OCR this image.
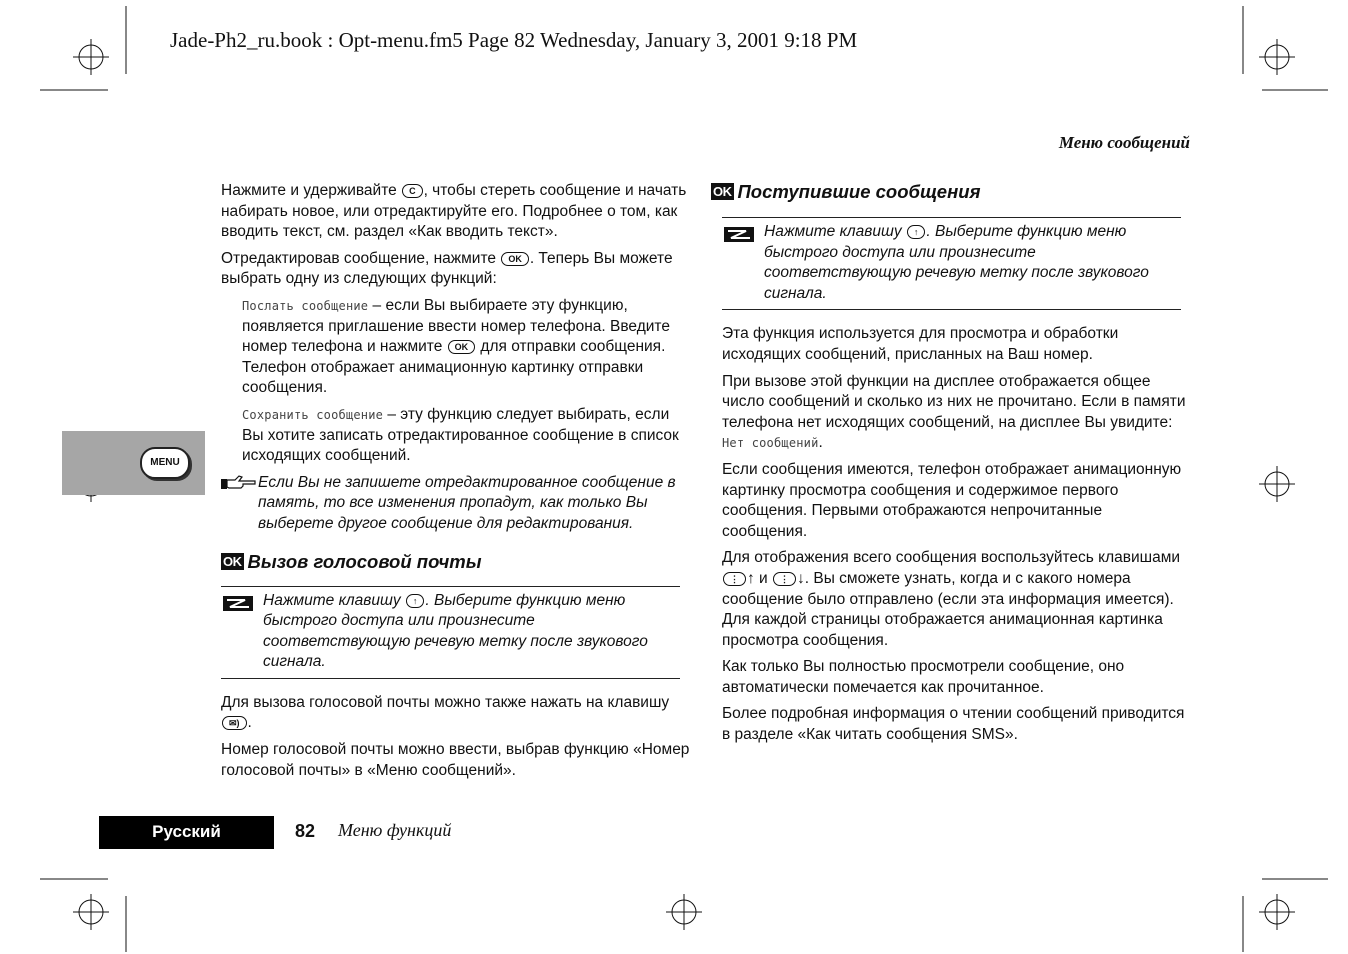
Jade-Ph2_ru.book : Opt-menu.fm5 Page 82 Wednesday, January 3, 2001 9:18 PM
Меню сообщений
MENU

Нажмите и удерживайте C , чтобы стереть сообщение и начать набирать новое, или отредактируйте его. Подробнее о том, как вводить текст, см. раздел «Как вводить текст».

Отредактировав сообщение, нажмите OK . Теперь Вы можете выбрать одну из следующих функций:

Послать сообщение – если Вы выбираете эту функцию, появляется приглашение ввести номер телефона. Введите номер телефона и нажмите OK для отправки сообщения. Телефон отображает анимационную картинку отправки сообщения.

Сохранить сообщение – эту функцию следует выбирать, если Вы хотите записать отредактированное сообщение в список исходящих сообщений.

Если Вы не запишете отредактированное сообщение в память, то все изменения пропадут, как только Вы выберете другое сообщение для редактирования.
OK Вызов голосовой почты

Нажмите клавишу ↑ . Выберите функцию меню быстрого доступа или произнесите соответствующую речевую метку после звукового сигнала.

Для вызова голосовой почты можно также нажать на клавишу ✉) .

Номер голосовой почты можно ввести, выбрав функцию «Номер голосовой почты» в «Меню сообщений».

OK Поступившие сообщения

Нажмите клавишу ↑ . Выберите функцию меню быстрого доступа или произнесите соответствующую речевую метку после звукового сигнала.

Эта функция используется для просмотра и обработки исходящих сообщений, присланных на Ваш номер.

При вызове этой функции на дисплее отображается общее число сообщений и сколько из них не прочитано. Если в памяти телефона нет исходящих сообщений, на дисплее Вы увидите: Нет сообщений.

Если сообщения имеются, телефон отображает анимационную картинку просмотра сообщения и содержимое первого сообщения. Первыми отображаются непрочитанные сообщения.

Для отображения всего сообщения воспользуйтесь клавишами ⋮ ↑ и ⋮ ↓. Вы сможете узнать, когда и с какого номера сообщение было отправлено (если эта информация имеется). Для каждой страницы отображается анимационная картинка просмотра сообщения.

Как только Вы полностью просмотрели сообщение, оно автоматически помечается как прочитанное.

Более подробная информация о чтении сообщений приводится в разделе «Как читать сообщения SMS».

Русский	82 Меню функций
